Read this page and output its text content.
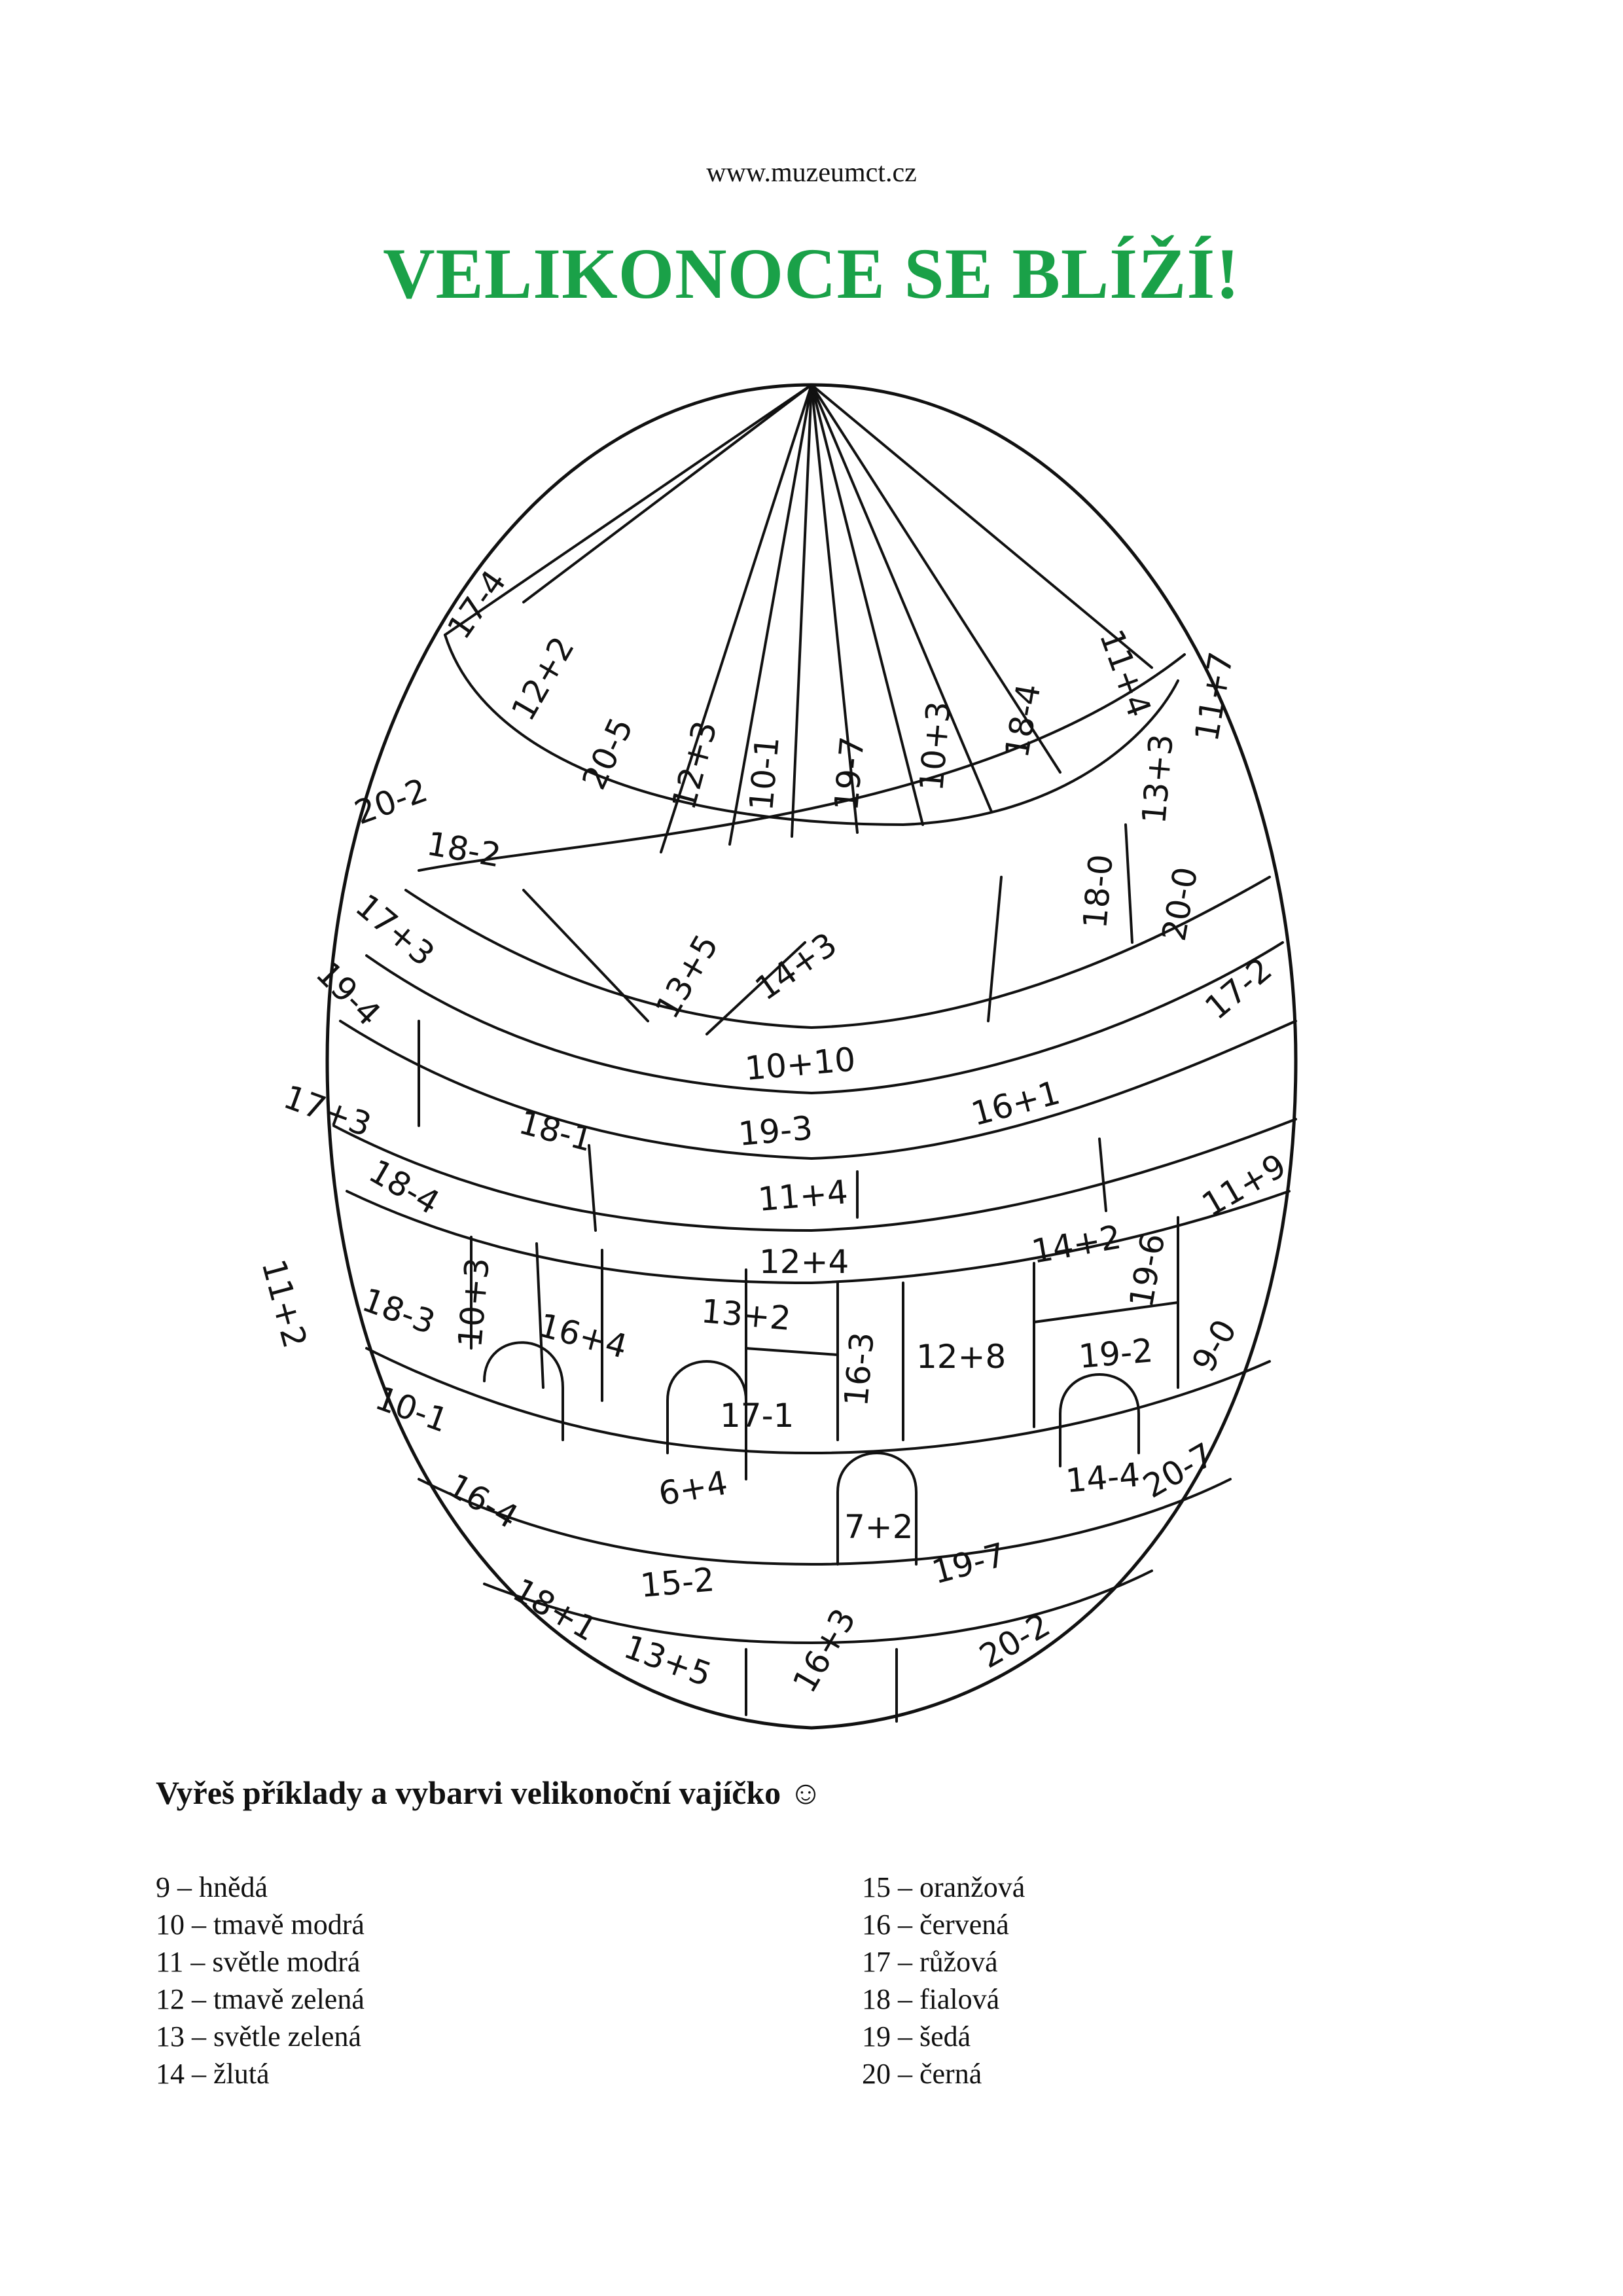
www.muzeumct.cz
VELIKONOCE SE BLÍŽÍ!
17-4
12+2
20-5 12+3 10-1 19-7 10+3 18-4 11+4
20-2
18-2
11+7
13+3
18-0 20-0
17+3	13+5 14+3
10+10
19-4	17-2
18-1	19-3	16+1
11+4
12+4
17+3
18-4
14+2
19-6
11+9
11+2 18-3 10+3 16+4 13+2
16-3 12+8 19-2 9-0
17-1
10-1
16-4	6+4
7+2
14-4
20-7
15-2	19-7
18+1
13+5 16+3	20-2
Vyřeš příklady a vybarvi velikonoční vajíčko ☺
9 – hnědá
10 – tmavě modrá
11 – světle modrá
12 – tmavě zelená
13 – světle zelená
14 – žlutá
15 – oranžová
16 – červená
17 – růžová
18 – fialová
19 – šedá
20 – černá
